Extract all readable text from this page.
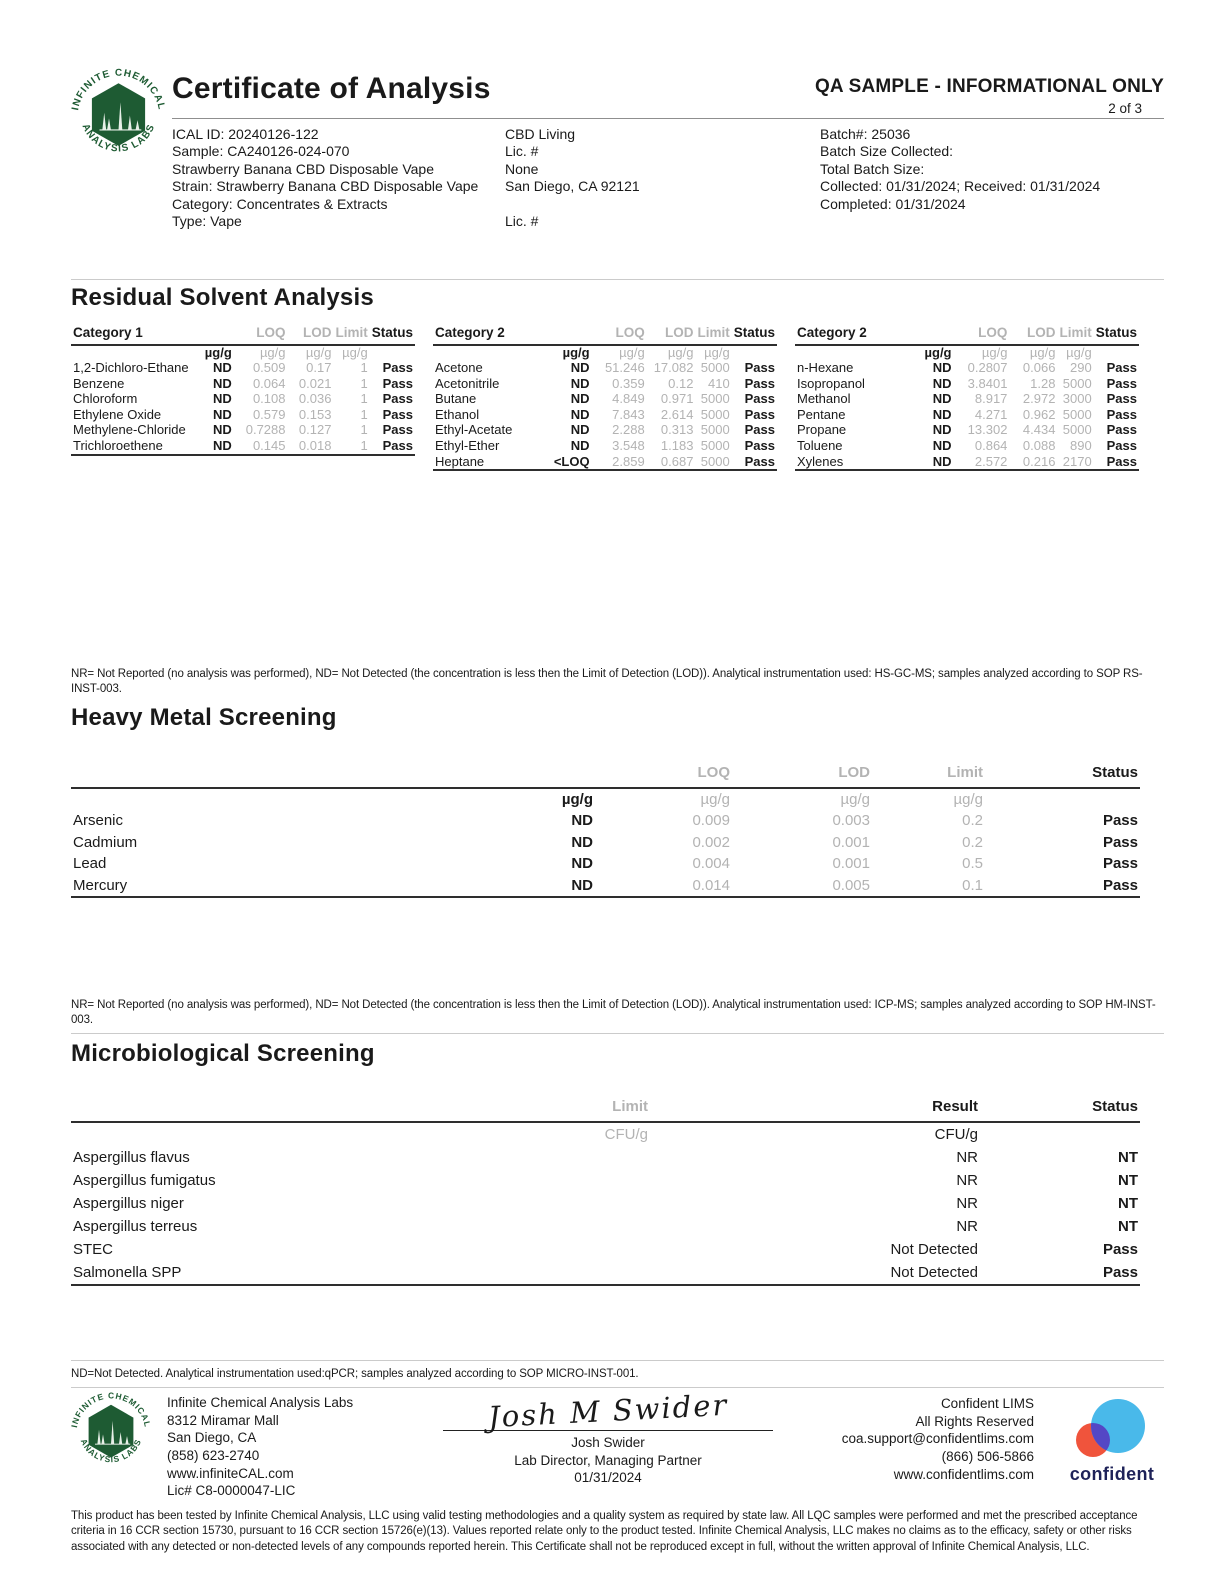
Certificate of Analysis	QA SAMPLE - INFORMATIONAL ONLY
2 of 3
ICAL ID: 20240126-122
Sample: CA240126-024-070
Strawberry Banana CBD Disposable Vape
Strain: Strawberry Banana CBD Disposable Vape
Category: Concentrates & Extracts
Type: Vape
CBD Living
Lic. #
None
San Diego, CA 92121
Lic. #
Batch#: 25036
Batch Size Collected:
Total Batch Size:
Collected: 01/31/2024; Received: 01/31/2024
Completed: 01/31/2024
Residual Solvent Analysis
Category 1		LOQ	LOD	Limit	Status
	µg/g	µg/g	µg/g	µg/g	
1,2-Dichloro-Ethane	ND	0.509	0.17	1	Pass
Benzene	ND	0.064	0.021	1	Pass
Chloroform	ND	0.108	0.036	1	Pass
Ethylene Oxide	ND	0.579	0.153	1	Pass
Methylene-Chloride	ND	0.7288	0.127	1	Pass
Trichloroethene	ND	0.145	0.018	1	Pass
Category 2		LOQ	LOD	Limit	Status
	µg/g	µg/g	µg/g	µg/g	
Acetone	ND	51.246	17.082	5000	Pass
Acetonitrile	ND	0.359	0.12	410	Pass
Butane	ND	4.849	0.971	5000	Pass
Ethanol	ND	7.843	2.614	5000	Pass
Ethyl-Acetate	ND	2.288	0.313	5000	Pass
Ethyl-Ether	ND	3.548	1.183	5000	Pass
Heptane	<LOQ	2.859	0.687	5000	Pass
Category 2		LOQ	LOD	Limit	Status
	µg/g	µg/g	µg/g	µg/g	
n-Hexane	ND	0.2807	0.066	290	Pass
Isopropanol	ND	3.8401	1.28	5000	Pass
Methanol	ND	8.917	2.972	3000	Pass
Pentane	ND	4.271	0.962	5000	Pass
Propane	ND	13.302	4.434	5000	Pass
Toluene	ND	0.864	0.088	890	Pass
Xylenes	ND	2.572	0.216	2170	Pass
NR= Not Reported (no analysis was performed), ND= Not Detected (the concentration is less then the Limit of Detection (LOD)). Analytical instrumentation used: HS-GC-MS; samples analyzed according to SOP RS-INST-003.
Heavy Metal Screening
		LOQ	LOD	Limit	Status
	µg/g	µg/g	µg/g	µg/g	
Arsenic	ND	0.009	0.003	0.2	Pass
Cadmium	ND	0.002	0.001	0.2	Pass
Lead	ND	0.004	0.001	0.5	Pass
Mercury	ND	0.014	0.005	0.1	Pass
NR= Not Reported (no analysis was performed), ND= Not Detected (the concentration is less then the Limit of Detection (LOD)). Analytical instrumentation used: ICP-MS; samples analyzed according to SOP HM-INST-003.
Microbiological Screening
	Limit	Result	Status
	CFU/g	CFU/g	
Aspergillus flavus		NR	NT
Aspergillus fumigatus		NR	NT
Aspergillus niger		NR	NT
Aspergillus terreus		NR	NT
STEC		Not Detected	Pass
Salmonella SPP		Not Detected	Pass
ND=Not Detected. Analytical instrumentation used:qPCR; samples analyzed according to SOP MICRO-INST-001.
Infinite Chemical Analysis Labs
8312 Miramar Mall
San Diego, CA
(858) 623-2740
www.infiniteCAL.com
Lic# C8-0000047-LIC
Josh M Swider
Josh Swider
Lab Director, Managing Partner
01/31/2024
Confident LIMS
All Rights Reserved
coa.support@confidentlims.com
(866) 506-5866
www.confidentlims.com confident
This product has been tested by Infinite Chemical Analysis, LLC using valid testing methodologies and a quality system as required by state law. All LQC samples were performed and met the prescribed acceptance criteria in 16 CCR section 15730, pursuant to 16 CCR section 15726(e)(13). Values reported relate only to the product tested. Infinite Chemical Analysis, LLC makes no claims as to the efficacy, safety or other risks associated with any detected or non-detected levels of any compounds reported herein. This Certificate shall not be reproduced except in full, without the written approval of Infinite Chemical Analysis, LLC.
